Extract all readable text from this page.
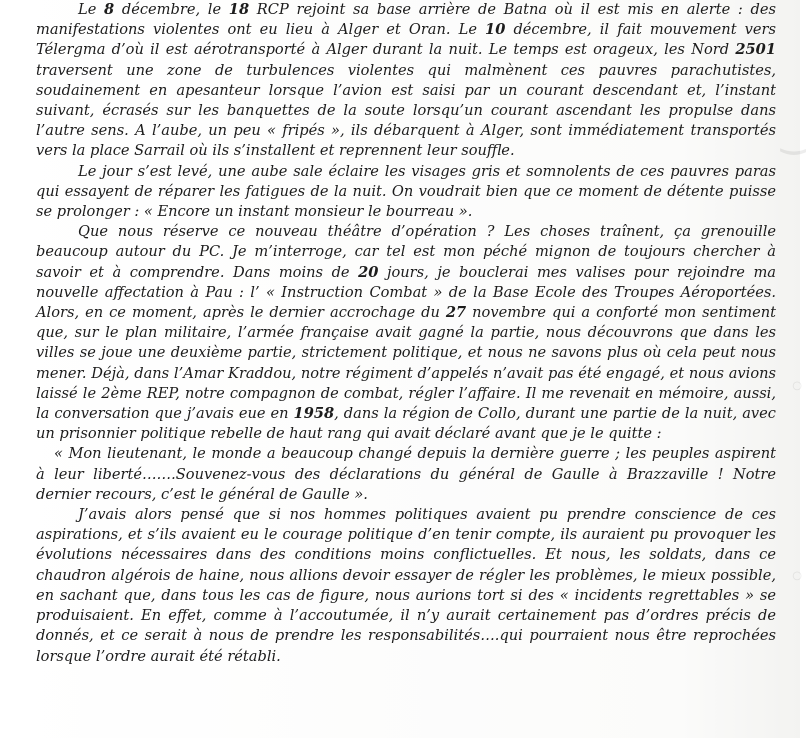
‿
◦
◦

Le 8 décembre, le 18 RCP rejoint sa base arrière de Batna où il est mis en alerte : des manifestations violentes ont eu lieu à Alger et Oran. Le 10 décembre, il fait mouvement vers Télergma d’où il est aérotransporté à Alger durant la nuit. Le temps est orageux, les Nord 2501 traversent une zone de turbulences violentes qui malmènent ces pauvres parachutistes, soudainement en apesanteur lorsque l’avion est saisi par un courant descendant et, l’instant suivant, écrasés sur les banquettes de la soute lorsqu’un courant ascendant les propulse dans l’autre sens. A l’aube, un peu « fripés », ils débarquent à Alger, sont immédiatement transportés vers la place Sarrail où ils s’installent et reprennent leur souffle.

Le jour s’est levé, une aube sale éclaire les visages gris et somnolents de ces pauvres paras qui essayent de réparer les fatigues de la nuit. On voudrait bien que ce moment de détente puisse se prolonger : « Encore un instant monsieur le bourreau ».

Que nous réserve ce nouveau théâtre d’opération ? Les choses traînent, ça grenouille beaucoup autour du PC. Je m’interroge, car tel est mon péché mignon de toujours chercher à savoir et à comprendre. Dans moins de 20 jours, je bouclerai mes valises pour rejoindre ma nouvelle affectation à Pau : l’ « Instruction Combat » de la Base Ecole des Troupes Aéroportées. Alors, en ce moment, après le dernier accrochage du 27 novembre qui a conforté mon sentiment que, sur le plan militaire, l’armée française avait gagné la partie, nous découvrons que dans les villes se joue une deuxième partie, strictement politique, et nous ne savons plus où cela peut nous mener. Déjà, dans l’Amar Kraddou, notre régiment d’appelés n’avait pas été engagé, et nous avions laissé le 2ème REP, notre compagnon de combat, régler l’affaire. Il me revenait en mémoire, aussi, la conversation que j’avais eue en 1958, dans la région de Collo, durant une partie de la nuit, avec un prisonnier politique rebelle de haut rang qui avait déclaré avant que je le quitte :

« Mon lieutenant, le monde a beaucoup changé depuis la dernière guerre ; les peuples aspirent à leur liberté…….Souvenez-vous des déclarations du général de Gaulle à Brazzaville ! Notre dernier recours, c’est le général de Gaulle ».

J’avais alors pensé que si nos hommes politiques avaient pu prendre conscience de ces aspirations, et s’ils avaient eu le courage politique d’en tenir compte, ils auraient pu provoquer les évolutions nécessaires dans des conditions moins conflictuelles. Et nous, les soldats, dans ce chaudron algérois de haine, nous allions devoir essayer de régler les problèmes, le mieux possible, en sachant que, dans tous les cas de figure, nous aurions tort si des « incidents regrettables » se produisaient. En effet, comme à l’accoutumée, il n’y aurait certainement pas d’ordres précis de donnés, et ce serait à nous de prendre les responsabilités….qui pourraient nous être reprochées lorsque l’ordre aurait été rétabli.
